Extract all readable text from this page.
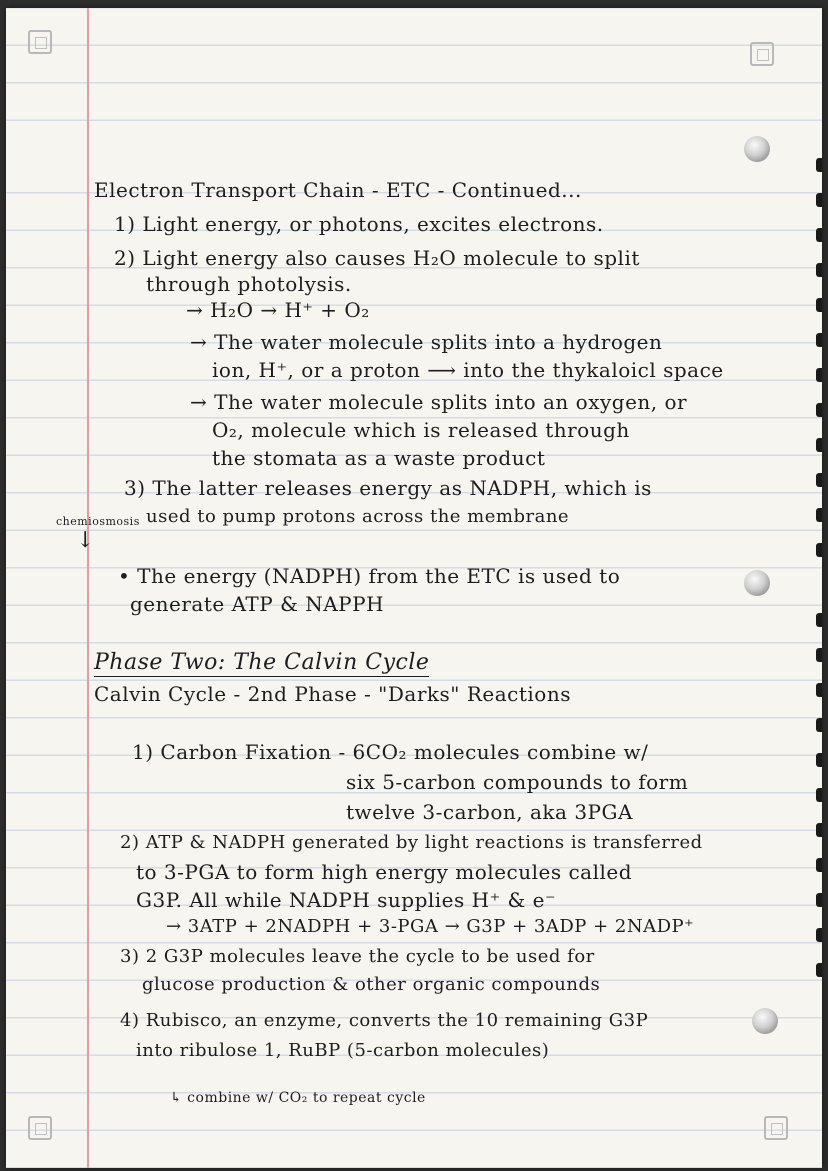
Electron Transport Chain - ETC - Continued...
1) Light energy, or photons, excites electrons.
2) Light energy also causes H₂O molecule to split
through photolysis.
→ H₂O → H⁺ + O₂
→ The water molecule splits into a hydrogen
ion, H⁺, or a proton ⟶ into the thykaloicl space
→ The water molecule splits into an oxygen, or
O₂, molecule which is released through
the stomata as a waste product
3) The latter releases energy as NADPH, which is
used to pump protons across the membrane
chemiosmosis
↓
• The energy (NADPH) from the ETC is used to
generate ATP & NAPPH
Phase Two: The Calvin Cycle
Calvin Cycle - 2nd Phase - "Darks" Reactions
1) Carbon Fixation - 6CO₂ molecules combine w/
six 5-carbon compounds to form
twelve 3-carbon, aka 3PGA
2) ATP & NADPH generated by light reactions is transferred
to 3-PGA to form high energy molecules called
G3P. All while NADPH supplies H⁺ & e⁻
→ 3ATP + 2NADPH + 3-PGA → G3P + 3ADP + 2NADP⁺
3) 2 G3P molecules leave the cycle to be used for
glucose production & other organic compounds
4) Rubisco, an enzyme, converts the 10 remaining G3P
into ribulose 1, RuBP (5-carbon molecules)
↳ combine w/ CO₂ to repeat cycle
